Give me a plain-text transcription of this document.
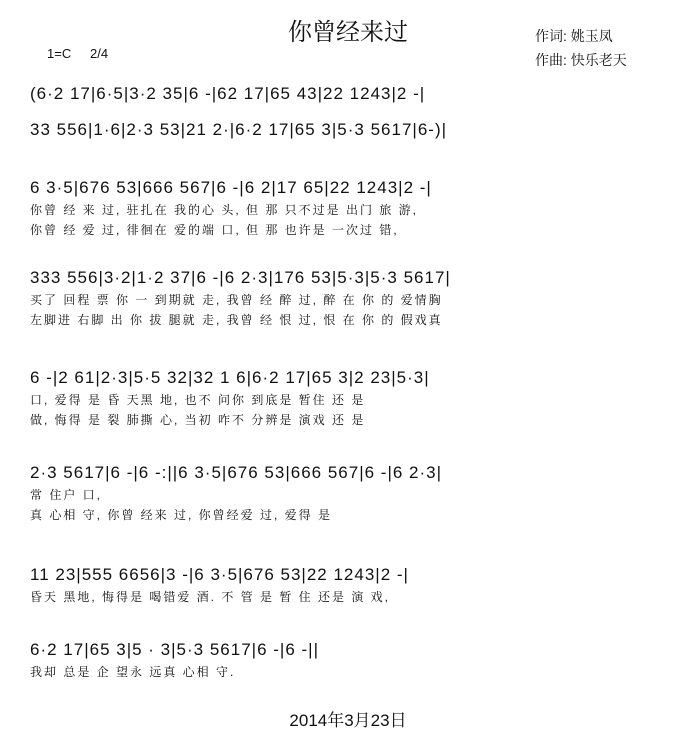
你曾经来过	作词: 姚玉凤
作曲: 快乐老天
1=C 2/4
(6·2 17|6·5|3·2 35|6 -|62 17|65 43|22 1243|2 -|
33 556|1·6|2·3 53|21 2·|6·2 17|65 3|5·3 5617|6-)|
6 3·5|676 53|666 567|6 -|6 2|17 65|22 1243|2 -|
你曾 经 来 过, 驻扎在 我的心 头, 但 那 只不过是 出门 旅 游,
你曾 经 爱 过, 徘徊在 爱的端 口, 但 那 也许是 一次过 错,
333 556|3·2|1·2 37|6 -|6 2·3|176 53|5·3|5·3 5617|
买了 回程 票 你 一 到期就 走, 我曾 经 醉 过, 醉 在 你 的 爱情胸
左脚进 右脚 出 你 拔 腿就 走, 我曾 经 恨 过, 恨 在 你 的 假戏真
6 -|2 61|2·3|5·5 32|32 1 6|6·2 17|65 3|2 23|5·3|
口, 爱得 是 昏 天黑 地, 也不 问你 到底是 暂住 还 是
做, 悔得 是 裂 肺撕 心, 当初 咋不 分辨是 演戏 还 是
2·3 5617|6 -|6 -:||6 3·5|676 53|666 567|6 -|6 2·3|
常 住户 口,
真 心相 守, 你曾 经来 过, 你曾经爱 过, 爱得 是
11 23|555 6656|3 -|6 3·5|676 53|22 1243|2 -|
昏天 黑地, 悔得是 喝错爱 酒. 不 管 是 暂 住 还是 演 戏,
6·2 17|65 3|5 · 3|5·3 5617|6 -|6 -||
我却 总是 企 望永 远真 心相 守.
2014年3月23日
